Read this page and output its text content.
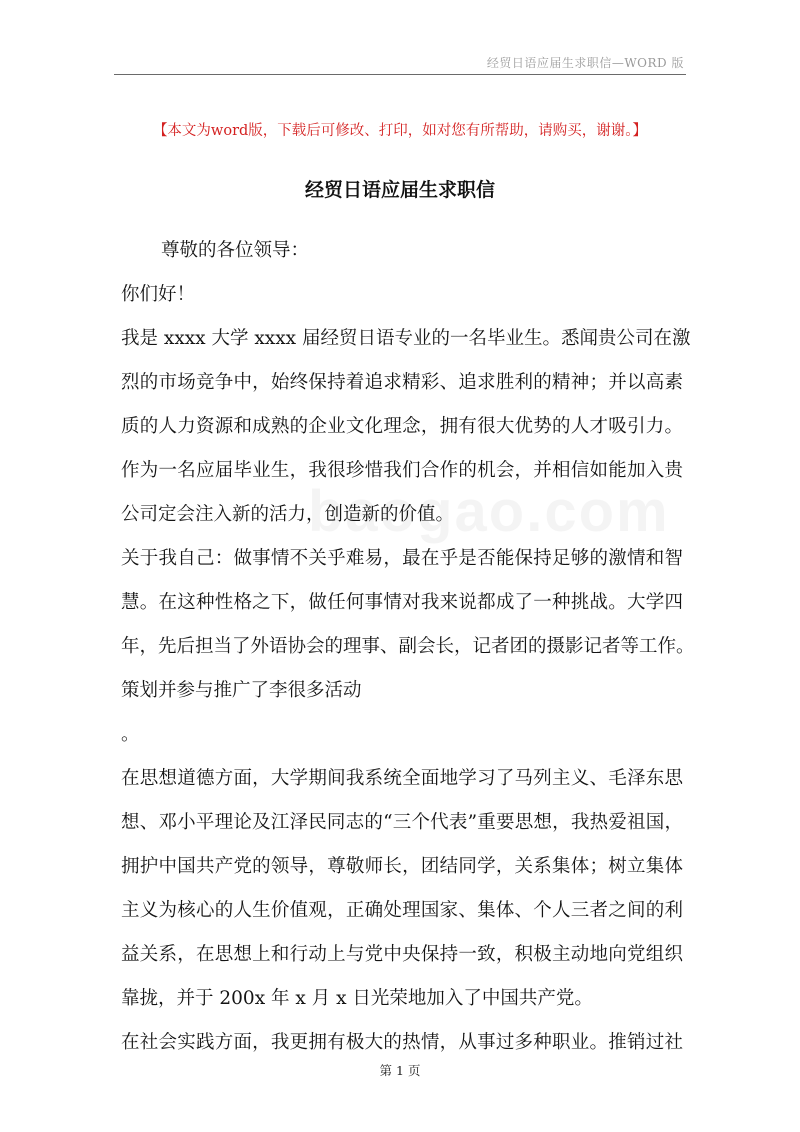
经贸日语应届生求职信—WORD 版
【本文为word版，下载后可修改、打印，如对您有所帮助，请购买，谢谢。】
经贸日语应届生求职信
尊敬的各位领导：
你们好！
我是 xxxx 大学 xxxx 届经贸日语专业的一名毕业生。悉闻贵公司在激
烈的市场竞争中，始终保持着追求精彩、追求胜利的精神；并以高素
质的人力资源和成熟的企业文化理念，拥有很大优势的人才吸引力。
作为一名应届毕业生，我很珍惜我们合作的机会，并相信如能加入贵
公司定会注入新的活力，创造新的价值。
关于我自己：做事情不关乎难易，最在乎是否能保持足够的激情和智
慧。在这种性格之下，做任何事情对我来说都成了一种挑战。大学四
年，先后担当了外语协会的理事、副会长，记者团的摄影记者等工作。
策划并参与推广了李很多活动
。
在思想道德方面，大学期间我系统全面地学习了马列主义、毛泽东思
想、邓小平理论及江泽民同志的“三个代表”重要思想，我热爱祖国，
拥护中国共产党的领导，尊敬师长，团结同学，关系集体；树立集体
主义为核心的人生价值观，正确处理国家、集体、个人三者之间的利
益关系，在思想上和行动上与党中央保持一致，积极主动地向党组织
靠拢，并于 200x 年 x 月 x 日光荣地加入了中国共产党。
在社会实践方面，我更拥有极大的热情，从事过多种职业。推销过社
第 1 页
